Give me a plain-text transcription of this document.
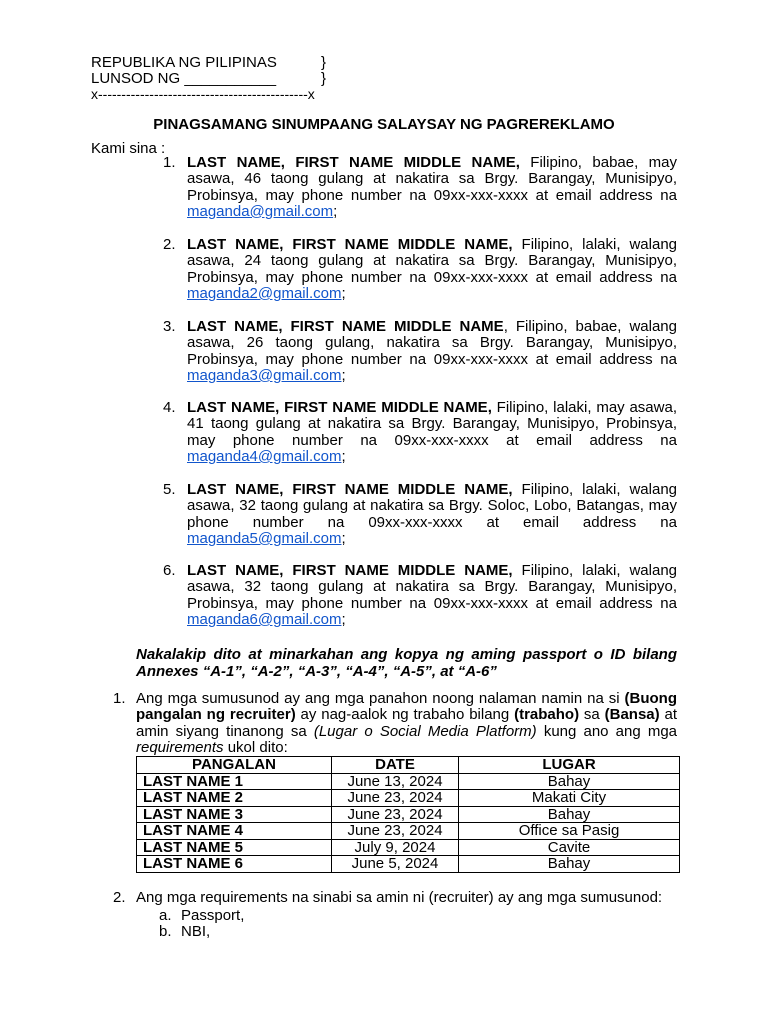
REPUBLIKA NG PILIPINAS	}
LUNSOD NG ___________	}
x---------------------------------------------x
PINAGSAMANG SINUMPAANG SALAYSAY NG PAGREREKLAMO
Kami sina :
1. LAST NAME, FIRST NAME MIDDLE NAME, Filipino, babae, may asawa, 46 taong gulang at nakatira sa Brgy. Barangay, Munisipyo, Probinsya, may phone number na 09xx-xxx-xxxx at email address na maganda@gmail.com;
2. LAST NAME, FIRST NAME MIDDLE NAME, Filipino, lalaki, walang asawa, 24 taong gulang at nakatira sa Brgy. Barangay, Munisipyo, Probinsya, may phone number na 09xx-xxx-xxxx at email address na maganda2@gmail.com;
3. LAST NAME, FIRST NAME MIDDLE NAME, Filipino, babae, walang asawa, 26 taong gulang, nakatira sa Brgy. Barangay, Munisipyo, Probinsya, may phone number na 09xx-xxx-xxxx at email address na maganda3@gmail.com;
4. LAST NAME, FIRST NAME MIDDLE NAME, Filipino, lalaki, may asawa, 41 taong gulang at nakatira sa Brgy. Barangay, Munisipyo, Probinsya, may phone number na 09xx-xxx-xxxx at email address na maganda4@gmail.com;
5. LAST NAME, FIRST NAME MIDDLE NAME, Filipino, lalaki, walang asawa, 32 taong gulang at nakatira sa Brgy. Soloc, Lobo, Batangas, may phone number na 09xx-xxx-xxxx at email address na maganda5@gmail.com;
6. LAST NAME, FIRST NAME MIDDLE NAME, Filipino, lalaki, walang asawa, 32 taong gulang at nakatira sa Brgy. Barangay, Munisipyo, Probinsya, may phone number na 09xx-xxx-xxxx at email address na maganda6@gmail.com;
Nakalakip dito at minarkahan ang kopya ng aming passport o ID bilang Annexes “A-1”, “A-2”, “A-3”, “A-4”, “A-5”, at “A-6”
1. Ang mga sumusunod ay ang mga panahon noong nalaman namin na si (Buong pangalan ng recruiter) ay nag-aalok ng trabaho bilang (trabaho) sa (Bansa) at amin siyang tinanong sa (Lugar o Social Media Platform) kung ano ang mga requirements ukol dito:
PANGALAN	DATE	LUGAR
LAST NAME 1	June 13, 2024	Bahay
LAST NAME 2	June 23, 2024	Makati City
LAST NAME 3	June 23, 2024	Bahay
LAST NAME 4	June 23, 2024	Office sa Pasig
LAST NAME 5	July 9, 2024	Cavite
LAST NAME 6	June 5, 2024	Bahay
2. Ang mga requirements na sinabi sa amin ni (recruiter) ay ang mga sumusunod:
a. Passport,
b. NBI,
